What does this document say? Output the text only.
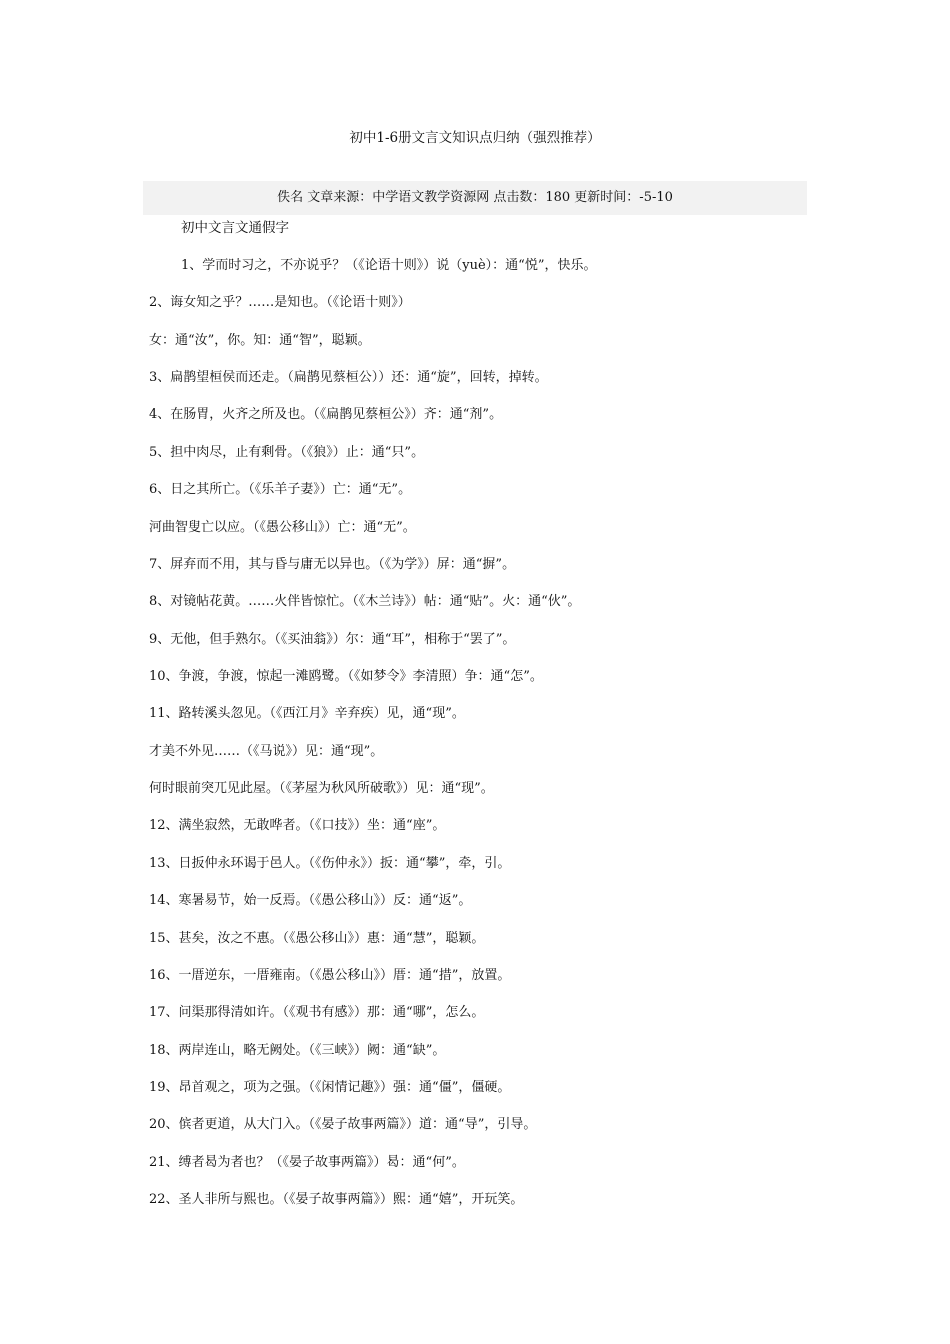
初中1-6册文言文知识点归纳（强烈推荐）
佚名 文章来源：中学语文教学资源网 点击数：180 更新时间：-5-10
初中文言文通假字
1、学而时习之，不亦说乎？（《论语十则》）说（yuè）：通“悦”，快乐。
2、诲女知之乎？……是知也。（《论语十则》）
女：通“汝”，你。知：通“智”，聪颖。
3、扁鹊望桓侯而还走。（扁鹊见蔡桓公））还：通“旋”，回转，掉转。
4、在肠胃，火齐之所及也。（《扁鹊见蔡桓公》）齐：通“剂”。
5、担中肉尽，止有剩骨。（《狼》）止：通“只”。
6、日之其所亡。（《乐羊子妻》）亡：通“无”。
河曲智叟亡以应。（《愚公移山》）亡：通“无”。
7、屏弃而不用，其与昏与庸无以异也。（《为学》）屏：通“摒”。
8、对镜帖花黄。……火伴皆惊忙。（《木兰诗》）帖：通“贴”。火：通“伙”。
9、无他，但手熟尔。（《买油翁》）尔：通“耳”，相称于“罢了”。
10、争渡，争渡，惊起一滩鸥鹭。（《如梦令》李清照）争：通“怎”。
11、路转溪头忽见。（《西江月》辛弃疾）见，通“现”。
才美不外见……（《马说》）见：通“现”。
何时眼前突兀见此屋。（《茅屋为秋风所破歌》）见：通“现”。
12、满坐寂然，无敢哗者。（《口技》）坐：通“座”。
13、日扳仲永环谒于邑人。（《伤仲永》）扳：通“攀”，牵，引。
14、寒暑易节，始一反焉。（《愚公移山》）反：通“返”。
15、甚矣，汝之不惠。（《愚公移山》）惠：通“慧”，聪颖。
16、一厝逆东，一厝雍南。（《愚公移山》）厝：通“措”，放置。
17、问渠那得清如许。（《观书有感》）那：通“哪”，怎么。
18、两岸连山，略无阙处。（《三峡》）阙：通“缺”。
19、昂首观之，项为之强。（《闲情记趣》）强：通“僵”，僵硬。
20、傧者更道，从大门入。（《晏子故事两篇》）道：通“导”，引导。
21、缚者曷为者也？（《晏子故事两篇》）曷：通“何”。
22、圣人非所与熙也。（《晏子故事两篇》）熙：通“嬉”，开玩笑。
